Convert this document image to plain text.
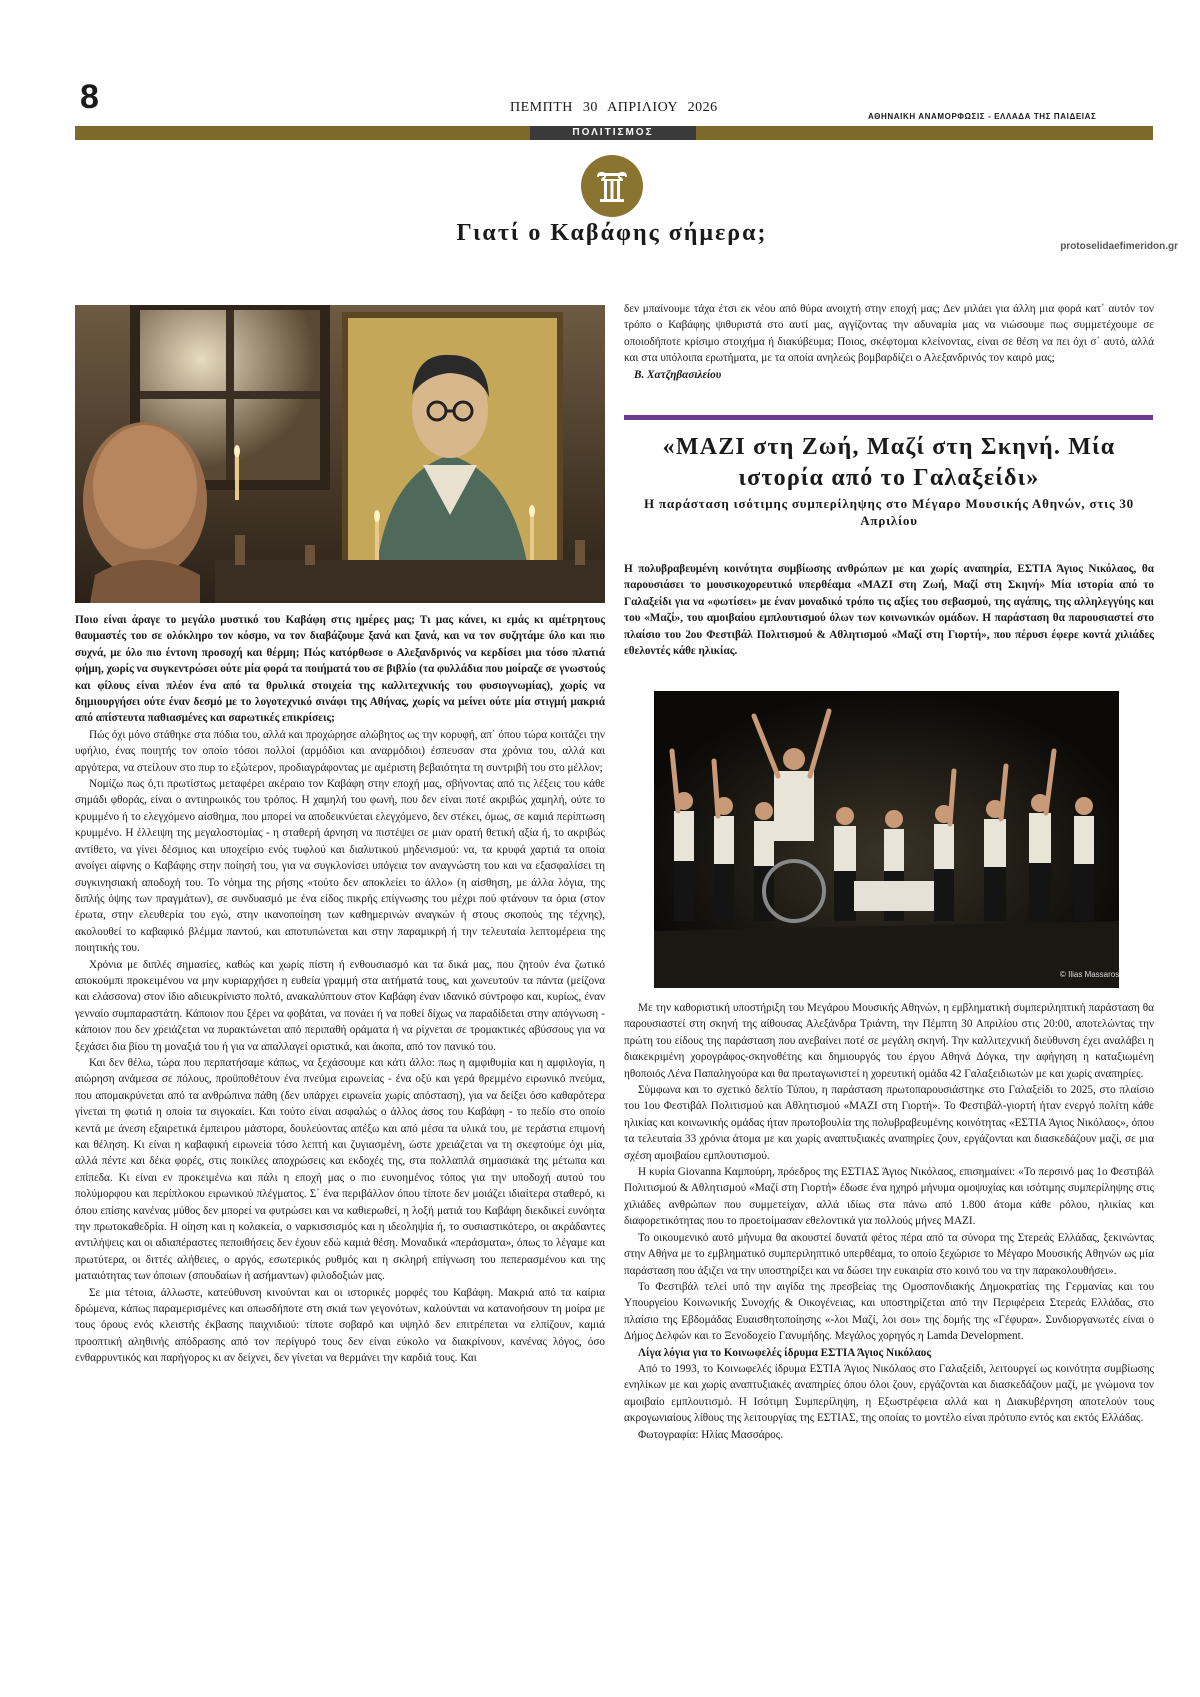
8	ΠΕΜΠΤΗ 30 ΑΠΡΙΛΙΟΥ 2026
ΑΘΗΝΑΙΚΗ ΑΝΑΜΟΡΦΩΣΙΣ - ΕΛΛΑΔΑ ΤΗΣ ΠΑΙΔΕΙΑΣ
ΠΟΛΙΤΙΣΜΟΣ
Γιατί ο Καβάφης σήμερα;
protoselidaefimeridon.gr

Ποιο είναι άραγε το μεγάλο μυστικό του Καβάφη στις ημέρες μας; Τι μας κάνει, κι εμάς κι αμέτρητους θαυμαστές του σε ολόκληρο τον κόσμο, να τον διαβάζουμε ξανά και ξανά, και να τον συζητάμε όλο και πιο συχνά, με όλο πιο έντονη προσοχή και θέρμη; Πώς κατόρθωσε ο Αλεξανδρινός να κερδίσει μια τόσο πλατιά φήμη, χωρίς να συγκεντρώσει ούτε μία φορά τα ποιήματά του σε βιβλίο (τα φυλλάδια που μοίραζε σε γνωστούς και φίλους είναι πλέον ένα από τα θρυλικά στοιχεία της καλλιτεχνικής του φυσιογνωμίας), χωρίς να δημιουργήσει ούτε έναν δεσμό με το λογοτεχνικό σινάφι της Αθήνας, χωρίς να μείνει ούτε μία στιγμή μακριά από απίστευτα παθιασμένες και σαρωτικές επικρίσεις;

Πώς όχι μόνο στάθηκε στα πόδια του, αλλά και προχώρησε αλώβητος ως την κορυφή, απ΄ όπου τώρα κοιτάζει την υφήλιο, ένας ποιητής τον οποίο τόσοι πολλοί (αρμόδιοι και αναρμόδιοι) έσπευσαν στα χρόνια του, αλλά και αργότερα, να στείλουν στο πυρ το εξώτερον, προδιαγράφοντας με αμέριστη βεβαιότητα τη συντριβή του στο μέλλον;

Νομίζω πως ό,τι πρωτίστως μεταφέρει ακέραιο τον Καβάφη στην εποχή μας, σβήνοντας από τις λέξεις του κάθε σημάδι φθοράς, είναι ο αντιηρωικός του τρόπος. Η χαμηλή του φωνή, που δεν είναι ποτέ ακριβώς χαμηλή, ούτε το κρυμμένο ή το ελεγχόμενο αίσθημα, που μπορεί να αποδεικνύεται ελεγχόμενο, δεν στέκει, όμως, σε καμιά περίπτωση κρυμμένο. Η έλλειψη της μεγαλοστομίας - η σταθερή άρνηση να πιστέψει σε μιαν ορατή θετική αξία ή, το ακριβώς αντίθετο, να γίνει δέσμιος και υποχείριο ενός τυφλού και διαλυτικού μηδενισμού: να, τα κρυφά χαρτιά τα οποία ανοίγει αίφνης ο Καβάφης στην ποίησή του, για να συγκλονίσει υπόγεια τον αναγνώστη του και να εξασφαλίσει τη συγκινησιακή αποδοχή του. Το νόημα της ρήσης «τούτο δεν αποκλείει το άλλο» (η αίσθηση, με άλλα λόγια, της διπλής όψης των πραγμάτων), σε συνδυασμό με ένα είδος πικρής επίγνωσης του μέχρι πού φτάνουν τα όρια (στον έρωτα, στην ελευθερία του εγώ, στην ικανοποίηση των καθημερινών αναγκών ή στους σκοπούς της τέχνης), ακολουθεί το καβαφικό βλέμμα παντού, και αποτυπώνεται και στην παραμικρή ή την τελευταία λεπτομέρεια της ποιητικής του.

Χρόνια με διπλές σημασίες, καθώς και χωρίς πίστη ή ενθουσιασμό και τα δικά μας, που ζητούν ένα ζωτικό αποκούμπι προκειμένου να μην κυριαρχήσει η ευθεία γραμμή στα αιτήματά τους, και χωνευτούν τα πάντα (μείζονα και ελάσσονα) στον ίδιο αδιευκρίνιστο πολτό, ανακαλύπτουν στον Καβάφη έναν ιδανικό σύντροφο και, κυρίως, έναν γενναίο συμπαραστάτη. Κάποιον που ξέρει να φοβάται, να πονάει ή να ποθεί δίχως να παραδίδεται στην απόγνωση - κάποιον που δεν χρειάζεται να πυρακτώνεται από περιπαθή οράματα ή να ρίχνεται σε τρομακτικές αβύσσους για να ξεχάσει δια βίου τη μοναξιά του ή για να απαλλαγεί οριστικά, και άκοπα, από τον πανικό του.

Και δεν θέλω, τώρα που περπατήσαμε κάπως, να ξεχάσουμε και κάτι άλλο: πως η αμφιθυμία και η αμφιλογία, η αιώρηση ανάμεσα σε πόλους, προϋποθέτουν ένα πνεύμα ειρωνείας - ένα οξύ και γερά θρεμμένο ειρωνικό πνεύμα, που απομακρύνεται από τα ανθρώπινα πάθη (δεν υπάρχει ειρωνεία χωρίς απόσταση), για να δείξει όσο καθαρότερα γίνεται τη φωτιά η οποία τα σιγοκαίει. Και τούτο είναι ασφαλώς ο άλλος άσος του Καβάφη - το πεδίο στο οποίο κεντά με άνεση εξαιρετικά έμπειρου μάστορα, δουλεύοντας απέξω και από μέσα τα υλικά του, με τεράστια επιμονή και θέληση. Κι είναι η καβαφική ειρωνεία τόσο λεπτή και ζυγιασμένη, ώστε χρειάζεται να τη σκεφτούμε όχι μία, αλλά πέντε και δέκα φορές, στις ποικίλες αποχρώσεις και εκδοχές της, στα πολλαπλά σημασιακά της μέτωπα και επίπεδα. Κι είναι εν προκειμένω και πάλι η εποχή μας ο πιο ευνοημένος τόπος για την υποδοχή αυτού του πολύμορφου και περίπλοκου ειρωνικού πλέγματος. Σ΄ ένα περιβάλλον όπου τίποτε δεν μοιάζει ιδιαίτερα σταθερό, κι όπου επίσης κανένας μύθος δεν μπορεί να φυτρώσει και να καθιερωθεί, η λοξή ματιά του Καβάφη διεκδικεί ευνόητα την πρωτοκαθεδρία. Η οίηση και η κολακεία, ο ναρκισσισμός και η ιδεοληψία ή, το συσιαστικότερο, οι ακράδαντες αντιλήψεις και οι αδιαπέραστες πεποιθήσεις δεν έχουν εδώ καμιά θέση. Μοναδικά «περάσματα», όπως το λέγαμε και πρωτύτερα, οι διττές αλήθειες, ο αργός, εσωτερικός ρυθμός και η σκληρή επίγνωση του πεπερασμένου και της ματαιότητας των όποιων (σπουδαίων ή ασήμαντων) φιλοδοξιών μας.

Σε μια τέτοια, άλλωστε, κατεύθυνση κινούνται και οι ιστορικές μορφές του Καβάφη. Μακριά από τα καίρια δρώμενα, κάπως παραμερισμένες και οπωσδήποτε στη σκιά των γεγονότων, καλούνται να κατανοήσουν τη μοίρα με τους όρους ενός κλειστής έκβασης παιχνιδιού: τίποτε σοβαρό και υψηλό δεν επιτρέπεται να ελπίζουν, καμιά προοπτική αληθινής απόδρασης από τον περίγυρό τους δεν είναι εύκολο να διακρίνουν, κανένας λόγος, όσο ενθαρρυντικός και παρήγορος κι αν δείχνει, δεν γίνεται να θερμάνει την καρδιά τους. Και

δεν μπαίνουμε τάχα έτσι εκ νέου από θύρα ανοιχτή στην εποχή μας; Δεν μιλάει για άλλη μια φορά κατ΄ αυτόν τον τρόπο ο Καβάφης ψιθυριστά στο αυτί μας, αγγίζοντας την αδυναμία μας να νιώσουμε πως συμμετέχουμε σε οποιοδήποτε κρίσιμο στοιχήμα ή διακύβευμα; Ποιος, σκέφτομαι κλείνοντας, είναι σε θέση να πει όχι σ΄ αυτό, αλλά και στα υπόλοιπα ερωτήματα, με τα οποία ανηλεώς βομβαρδίζει ο Αλεξανδρινός τον καιρό μας;

Β. Χατζηβασιλείου
«ΜΑΖΙ στη Ζωή, Μαζί στη Σκηνή. Μία ιστορία από το Γαλαξείδι»
Η παράσταση ισότιμης συμπερίληψης στο Μέγαρο Μουσικής Αθηνών, στις 30 Απριλίου
Η πολυβραβευμένη κοινότητα συμβίωσης ανθρώπων με και χωρίς αναπηρία, ΕΣΤΙΑ Άγιος Νικόλαος, θα παρουσιάσει το μουσικοχορευτικό υπερθέαμα «ΜΑΖΙ στη Ζωή, Μαζί στη Σκηνή» Μία ιστορία από το Γαλαξείδι για να «φωτίσει» με έναν μοναδικό τρόπο τις αξίες του σεβασμού, της αγάπης, της αλληλεγγύης και του «Μαζί», του αμοιβαίου εμπλουτισμού όλων των κοινωνικών ομάδων. Η παράσταση θα παρουσιαστεί στο πλαίσιο του 2ου Φεστιβάλ Πολιτισμού & Αθλητισμού «Μαζί στη Γιορτή», που πέρυσι έφερε κοντά χιλιάδες εθελοντές κάθε ηλικίας.
© Ilias Massaros

Με την καθοριστική υποστήριξη του Μεγάρου Μουσικής Αθηνών, η εμβληματική συμπεριληπτική παράσταση θα παρουσιαστεί στη σκηνή της αίθουσας Αλεξάνδρα Τριάντη, την Πέμπτη 30 Απριλίου στις 20:00, αποτελώντας την πρώτη του είδους της παράσταση που ανεβαίνει ποτέ σε μεγάλη σκηνή. Την καλλιτεχνική διεύθυνση έχει αναλάβει η διακεκριμένη χορογράφος-σκηνοθέτης και δημιουργός του έργου Αθηνά Δόγκα, την αφήγηση η καταξιωμένη ηθοποιός Λένα Παπαληγούρα και θα πρωταγωνιστεί η χορευτική ομάδα 42 Γαλαξειδιωτών με και χωρίς αναπηρίες.

Σύμφωνα και το σχετικό δελτίο Τύπου, η παράσταση πρωτοπαρουσιάστηκε στο Γαλαξείδι το 2025, στο πλαίσιο του 1ου Φεστιβάλ Πολιτισμού και Αθλητισμού «ΜΑΖΙ στη Γιορτή». Το Φεστιβάλ-γιορτή ήταν ενεργό πολίτη κάθε ηλικίας και κοινωνικής ομάδας ήταν πρωτοβουλία της πολυβραβευμένης κοινότητας «ΕΣΤΙΑ Άγιος Νικόλαος», όπου τα τελευταία 33 χρόνια άτομα με και χωρίς αναπτυξιακές αναπηρίες ζουν, εργάζονται και διασκεδάζουν μαζί, σε μια σχέση αμοιβαίου εμπλουτισμού.

Η κυρία Giovanna Καμπούρη, πρόεδρος της ΕΣΤΙΑΣ Άγιος Νικόλαος, επισημαίνει: «Το περσινό μας 1ο Φεστιβάλ Πολιτισμού & Αθλητισμού «Μαζί στη Γιορτή» έδωσε ένα ηχηρό μήνυμα ομοψυχίας και ισότιμης συμπερίληψης στις χιλιάδες ανθρώπων που συμμετείχαν, αλλά ιδίως στα πάνω από 1.800 άτομα κάθε ρόλου, ηλικίας και διαφορετικότητας που το προετοίμασαν εθελοντικά για πολλούς μήνες ΜΑΖΙ.

Το οικουμενικό αυτό μήνυμα θα ακουστεί δυνατά φέτος πέρα από τα σύνορα της Στερεάς Ελλάδας, ξεκινώντας στην Αθήνα με το εμβληματικό συμπεριληπτικό υπερθέαμα, το οποίο ξεχώρισε το Μέγαρο Μουσικής Αθηνών ως μία παράσταση που άξιζει να την υποστηρίξει και να δώσει την ευκαιρία στο κοινό του να την παρακολουθήσει».

Το Φεστιβάλ τελεί υπό την αιγίδα της πρεσβείας της Ομοσπονδιακής Δημοκρατίας της Γερμανίας και του Υπουργείου Κοινωνικής Συνοχής & Οικογένειας, και υποστηρίζεται από την Περιφέρεια Στερεάς Ελλάδας, στο πλαίσιο της Εβδομάδας Ευαισθητοποίησης «-λοι Μαζί, λοι σοι» της δομής της «Γέφυρα». Συνδιοργανωτές είναι ο Δήμος Δελφών και το Ξενοδοχείο Γανυμήδης. Μεγάλος χορηγός η Lamda Development.

Λίγα λόγια για το Κοινωφελές ίδρυμα ΕΣΤΙΑ Άγιος Νικόλαος

Από το 1993, το Κοινωφελές ίδρυμα ΕΣΤΙΑ Άγιος Νικόλαος στο Γαλαξείδι, λειτουργεί ως κοινότητα συμβίωσης ενηλίκων με και χωρίς αναπτυξιακές αναπηρίες όπου όλοι ζουν, εργάζονται και διασκεδάζουν μαζί, με γνώμονα τον αμοιβαίο εμπλουτισμό. Η Ισότιμη Συμπερίληψη, η Εξωστρέφεια αλλά και η Διακυβέρνηση αποτελούν τους ακρογωνιαίους λίθους της λειτουργίας της ΕΣΤΙΑΣ, της οποίας το μοντέλο είναι πρότυπο εντός και εκτός Ελλάδας.

Φωτογραφία: Ηλίας Μασσάρος.
